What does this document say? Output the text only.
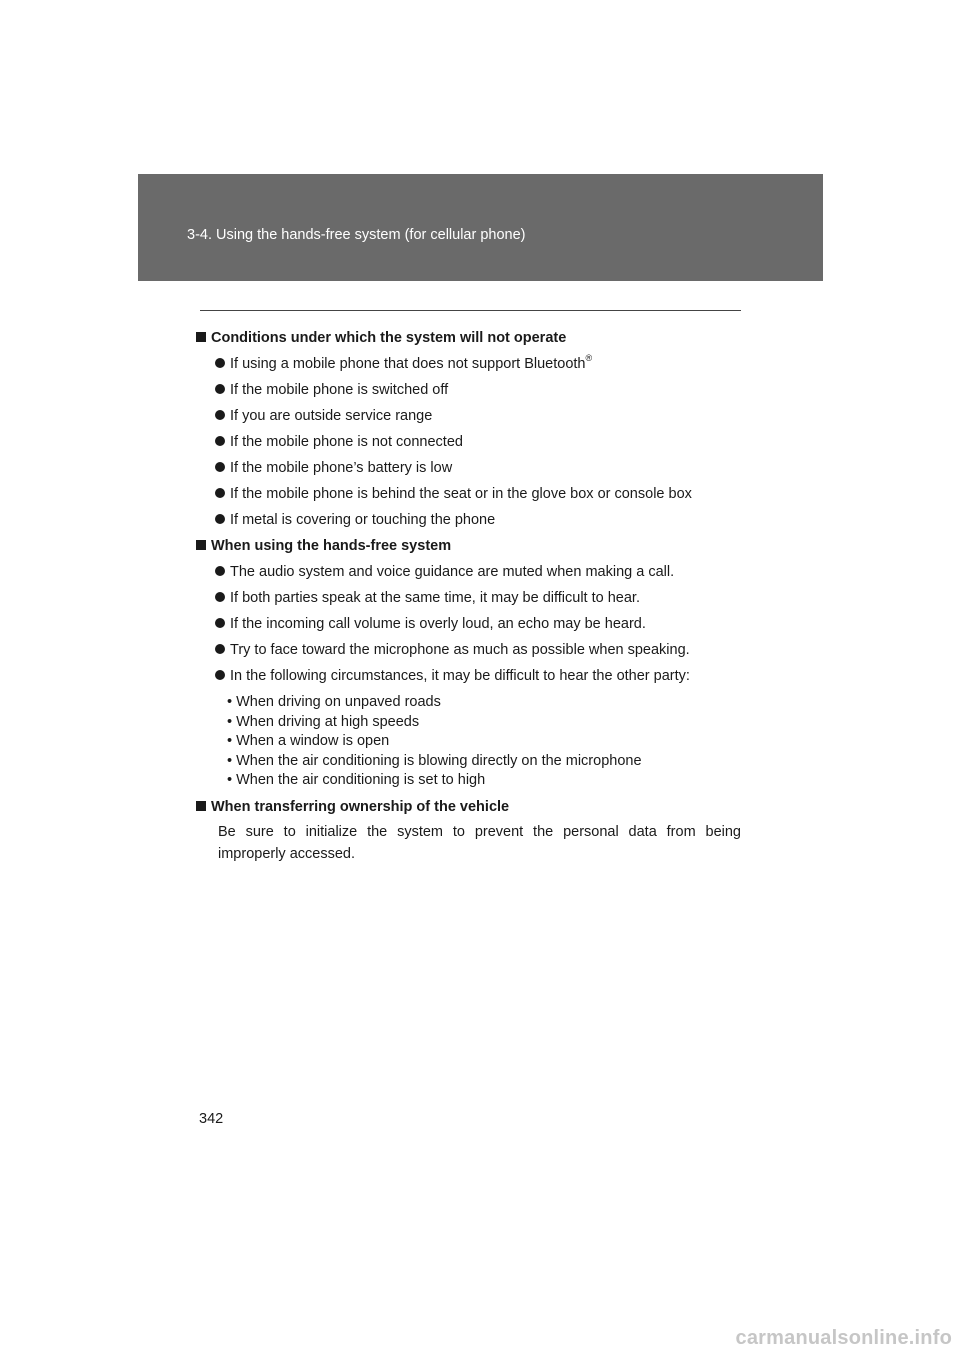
3-4. Using the hands-free system (for cellular phone)
Conditions under which the system will not operate
If using a mobile phone that does not support Bluetooth®
If the mobile phone is switched off
If you are outside service range
If the mobile phone is not connected
If the mobile phone’s battery is low
If the mobile phone is behind the seat or in the glove box or console box
If metal is covering or touching the phone
When using the hands-free system
The audio system and voice guidance are muted when making a call.
If both parties speak at the same time, it may be difficult to hear.
If the incoming call volume is overly loud, an echo may be heard.
Try to face toward the microphone as much as possible when speaking.
In the following circumstances, it may be difficult to hear the other party:
• When driving on unpaved roads
• When driving at high speeds
• When a window is open
• When the air conditioning is blowing directly on the microphone
• When the air conditioning is set to high
When transferring ownership of the vehicle
Be sure to initialize the system to prevent the personal data from being improperly accessed.
342
carmanualsonline.info
